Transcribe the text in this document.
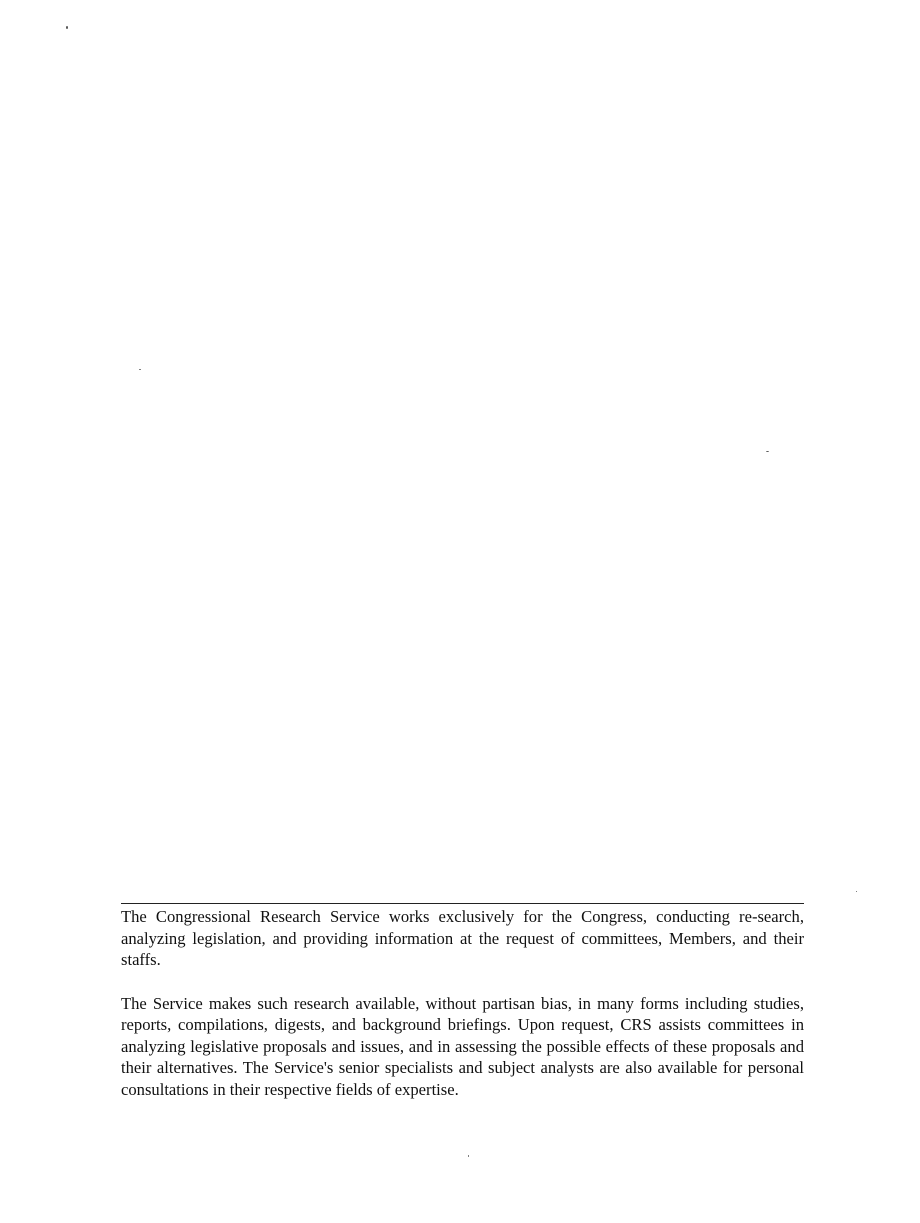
The Congressional Research Service works exclusively for the Congress, conducting re-search, analyzing legislation, and providing information at the request of committees, Members, and their staffs.

The Service makes such research available, without partisan bias, in many forms including studies, reports, compilations, digests, and background briefings. Upon request, CRS assists committees in analyzing legislative proposals and issues, and in assessing the possible effects of these proposals and their alternatives. The Service's senior specialists and subject analysts are also available for personal consultations in their respective fields of expertise.
